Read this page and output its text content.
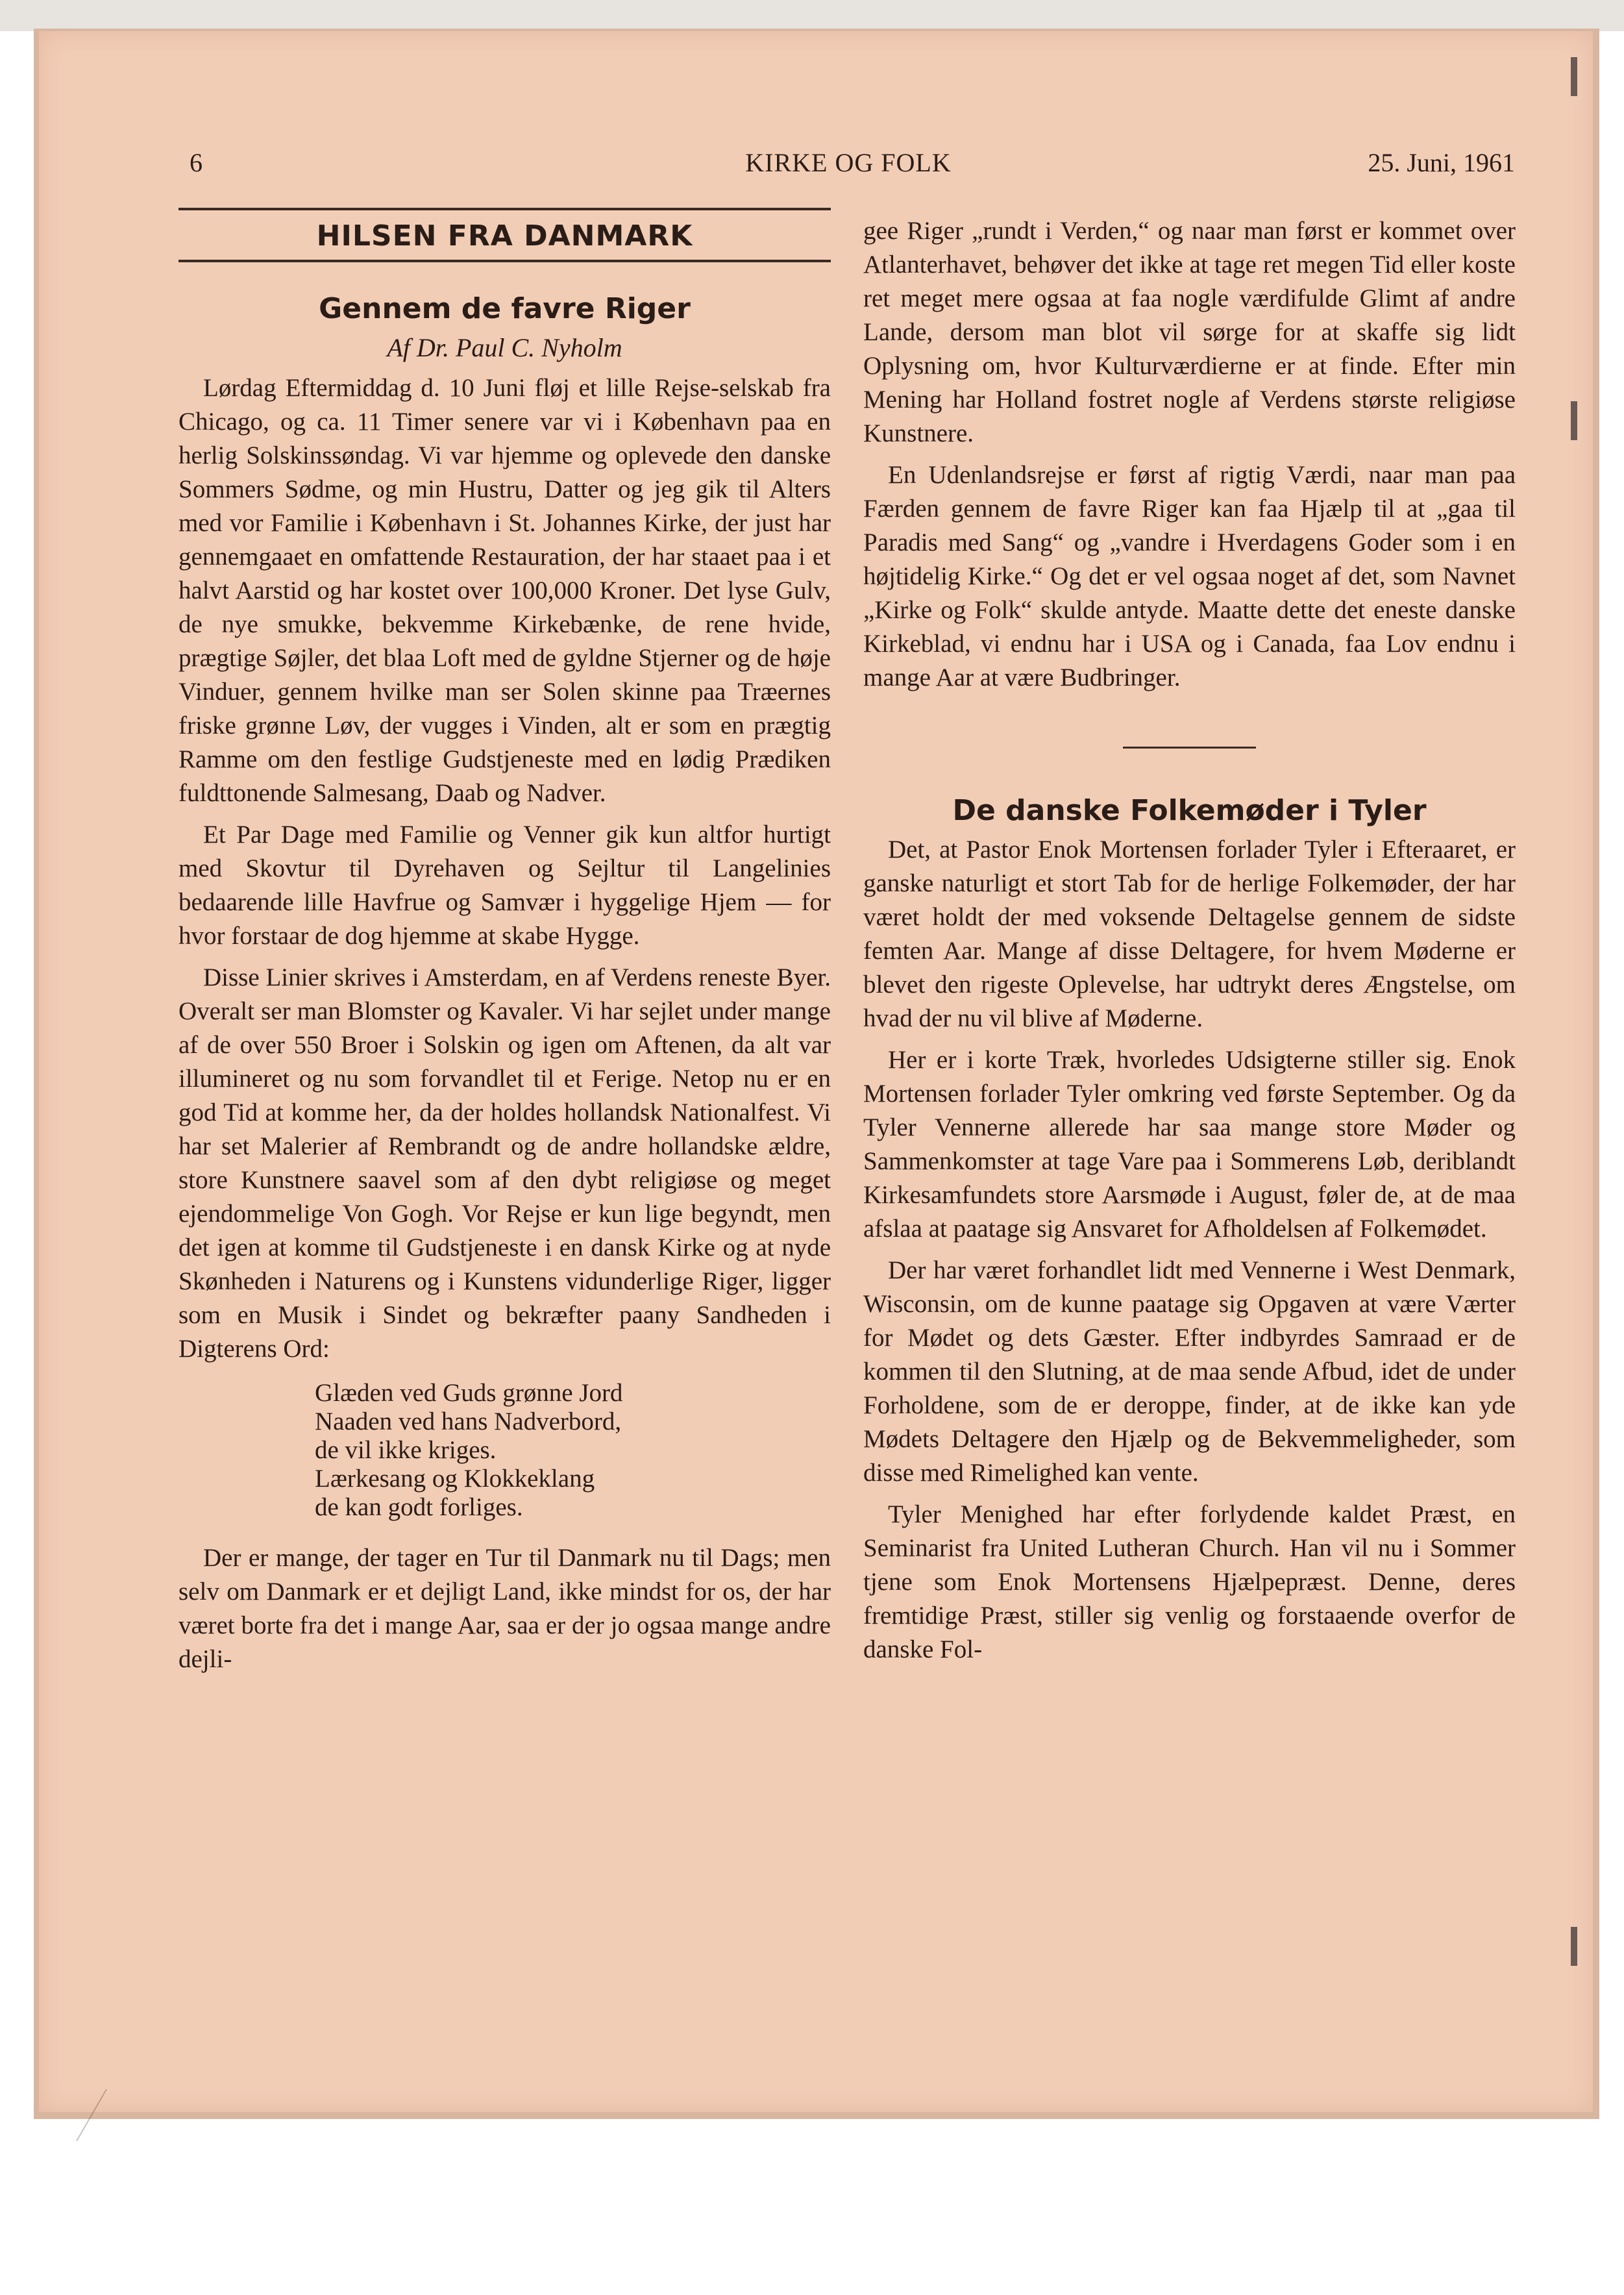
6	KIRKE OG FOLK	25. Juni, 1961
HILSEN FRA DANMARK
Gennem de favre Riger
Af Dr. Paul C. Nyholm

Lørdag Eftermiddag d. 10 Juni fløj et lille Rejse-selskab fra Chicago, og ca. 11 Timer senere var vi i København paa en herlig Solskinssøndag. Vi var hjemme og oplevede den danske Sommers Sødme, og min Hustru, Datter og jeg gik til Alters med vor Familie i København i St. Johannes Kirke, der just har gennemgaaet en omfattende Restauration, der har staaet paa i et halvt Aarstid og har kostet over 100,000 Kroner. Det lyse Gulv, de nye smukke, bekvemme Kirkebænke, de rene hvide, prægtige Søjler, det blaa Loft med de gyldne Stjerner og de høje Vinduer, gennem hvilke man ser Solen skinne paa Træernes friske grønne Løv, der vugges i Vinden, alt er som en prægtig Ramme om den festlige Gudstjeneste med en lødig Prædiken fuldttonende Salmesang, Daab og Nadver.

Et Par Dage med Familie og Venner gik kun altfor hurtigt med Skovtur til Dyrehaven og Sejltur til Langelinies bedaarende lille Havfrue og Samvær i hyggelige Hjem — for hvor forstaar de dog hjemme at skabe Hygge.

Disse Linier skrives i Amsterdam, en af Verdens reneste Byer. Overalt ser man Blomster og Kavaler. Vi har sejlet under mange af de over 550 Broer i Solskin og igen om Aftenen, da alt var illumineret og nu som forvandlet til et Ferige. Netop nu er en god Tid at komme her, da der holdes hollandsk Nationalfest. Vi har set Malerier af Rembrandt og de andre hollandske ældre, store Kunstnere saavel som af den dybt religiøse og meget ejendommelige Von Gogh. Vor Rejse er kun lige begyndt, men det igen at komme til Gudstjeneste i en dansk Kirke og at nyde Skønheden i Naturens og i Kunstens vidunderlige Riger, ligger som en Musik i Sindet og bekræfter paany Sandheden i Digterens Ord:

Glæden ved Guds grønne Jord
Naaden ved hans Nadverbord,
de vil ikke kriges.
Lærkesang og Klokkeklang
de kan godt forliges.

Der er mange, der tager en Tur til Danmark nu til Dags; men selv om Danmark er et dejligt Land, ikke mindst for os, der har været borte fra det i mange Aar, saa er der jo ogsaa mange andre dejli-

gee Riger „rundt i Verden,“ og naar man først er kommet over Atlanterhavet, behøver det ikke at tage ret megen Tid eller koste ret meget mere ogsaa at faa nogle værdifulde Glimt af andre Lande, dersom man blot vil sørge for at skaffe sig lidt Oplysning om, hvor Kulturværdierne er at finde. Efter min Mening har Holland fostret nogle af Verdens største religiøse Kunstnere.

En Udenlandsrejse er først af rigtig Værdi, naar man paa Færden gennem de favre Riger kan faa Hjælp til at „gaa til Paradis med Sang“ og „vandre i Hverdagens Goder som i en højtidelig Kirke.“ Og det er vel ogsaa noget af det, som Navnet „Kirke og Folk“ skulde antyde. Maatte dette det eneste danske Kirkeblad, vi endnu har i USA og i Canada, faa Lov endnu i mange Aar at være Budbringer.

De danske Folkemøder i Tyler

Det, at Pastor Enok Mortensen forlader Tyler i Efteraaret, er ganske naturligt et stort Tab for de herlige Folkemøder, der har været holdt der med voksende Deltagelse gennem de sidste femten Aar. Mange af disse Deltagere, for hvem Møderne er blevet den rigeste Oplevelse, har udtrykt deres Ængstelse, om hvad der nu vil blive af Møderne.

Her er i korte Træk, hvorledes Udsigterne stiller sig. Enok Mortensen forlader Tyler omkring ved første September. Og da Tyler Vennerne allerede har saa mange store Møder og Sammenkomster at tage Vare paa i Sommerens Løb, deriblandt Kirkesamfundets store Aarsmøde i August, føler de, at de maa afslaa at paatage sig Ansvaret for Afholdelsen af Folkemødet.

Der har været forhandlet lidt med Vennerne i West Denmark, Wisconsin, om de kunne paatage sig Opgaven at være Værter for Mødet og dets Gæster. Efter indbyrdes Samraad er de kommen til den Slutning, at de maa sende Afbud, idet de under Forholdene, som de er deroppe, finder, at de ikke kan yde Mødets Deltagere den Hjælp og de Bekvemmeligheder, som disse med Rimelighed kan vente.

Tyler Menighed har efter forlydende kaldet Præst, en Seminarist fra United Lutheran Church. Han vil nu i Sommer tjene som Enok Mortensens Hjælpepræst. Denne, deres fremtidige Præst, stiller sig venlig og forstaaende overfor de danske Fol-
